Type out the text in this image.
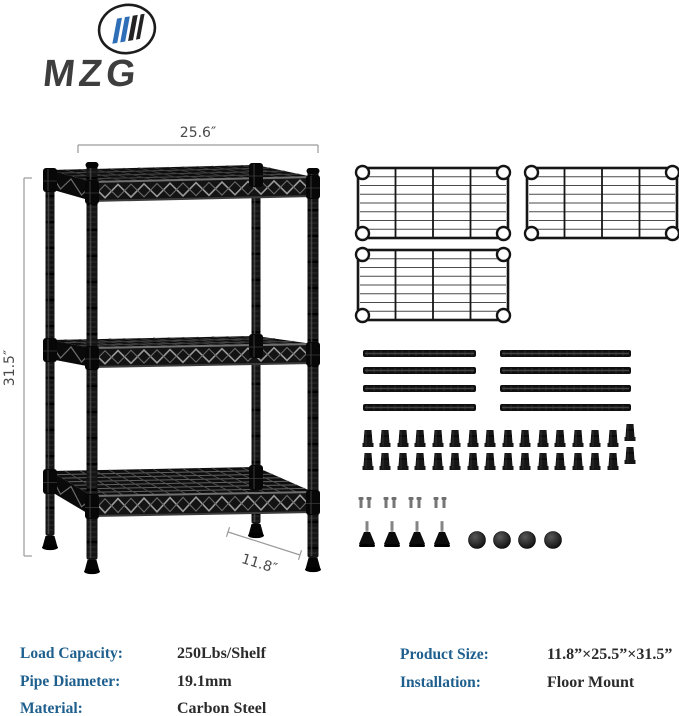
MZG
25.6″
31.5″
11.8″
Load Capacity:	250Lbs/Shelf
Pipe Diameter:	19.1mm
Material:	Carbon Steel
Product Size:	11.8”×25.5”×31.5”
Installation:	Floor Mount
